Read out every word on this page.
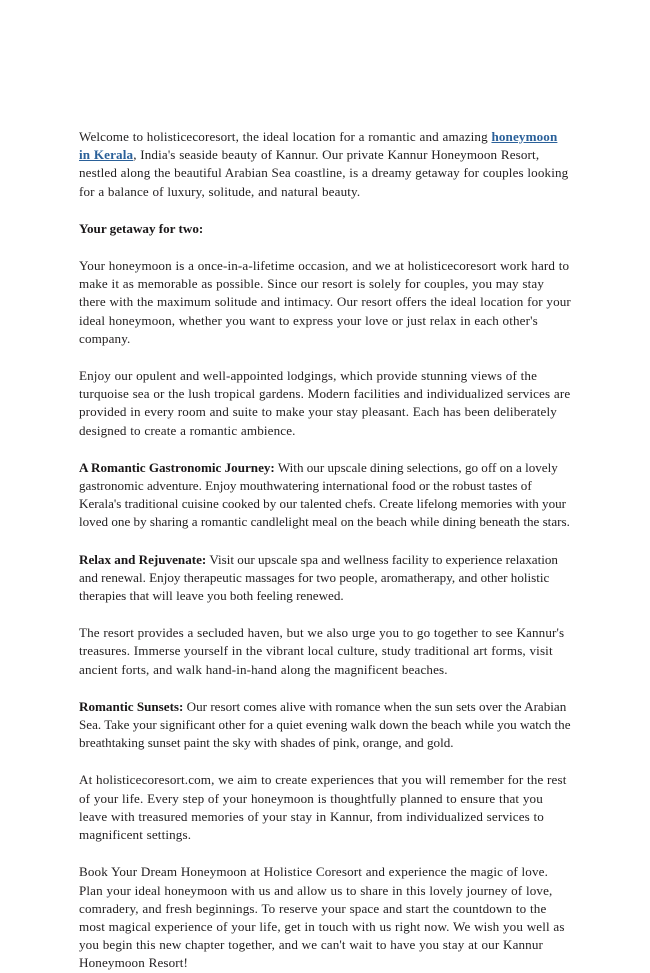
Welcome to holisticecoresort, the ideal location for a romantic and amazing honeymoon in Kerala, India's seaside beauty of Kannur. Our private Kannur Honeymoon Resort, nestled along the beautiful Arabian Sea coastline, is a dreamy getaway for couples looking for a balance of luxury, solitude, and natural beauty.

Your getaway for two:

Your honeymoon is a once-in-a-lifetime occasion, and we at holisticecoresort work hard to make it as memorable as possible. Since our resort is solely for couples, you may stay there with the maximum solitude and intimacy. Our resort offers the ideal location for your ideal honeymoon, whether you want to express your love or just relax in each other's company.

Enjoy our opulent and well-appointed lodgings, which provide stunning views of the turquoise sea or the lush tropical gardens. Modern facilities and individualized services are provided in every room and suite to make your stay pleasant. Each has been deliberately designed to create a romantic ambience.

A Romantic Gastronomic Journey: With our upscale dining selections, go off on a lovely gastronomic adventure. Enjoy mouthwatering international food or the robust tastes of Kerala's traditional cuisine cooked by our talented chefs. Create lifelong memories with your loved one by sharing a romantic candlelight meal on the beach while dining beneath the stars.

Relax and Rejuvenate: Visit our upscale spa and wellness facility to experience relaxation and renewal. Enjoy therapeutic massages for two people, aromatherapy, and other holistic therapies that will leave you both feeling renewed.

The resort provides a secluded haven, but we also urge you to go together to see Kannur's treasures. Immerse yourself in the vibrant local culture, study traditional art forms, visit ancient forts, and walk hand-in-hand along the magnificent beaches.

Romantic Sunsets: Our resort comes alive with romance when the sun sets over the Arabian Sea. Take your significant other for a quiet evening walk down the beach while you watch the breathtaking sunset paint the sky with shades of pink, orange, and gold.

At holisticecoresort.com, we aim to create experiences that you will remember for the rest of your life. Every step of your honeymoon is thoughtfully planned to ensure that you leave with treasured memories of your stay in Kannur, from individualized services to magnificent settings.

Book Your Dream Honeymoon at Holistice Coresort and experience the magic of love. Plan your ideal honeymoon with us and allow us to share in this lovely journey of love, comradery, and fresh beginnings. To reserve your space and start the countdown to the most magical experience of your life, get in touch with us right now. We wish you well as you begin this new chapter together, and we can't wait to have you stay at our Kannur Honeymoon Resort!
